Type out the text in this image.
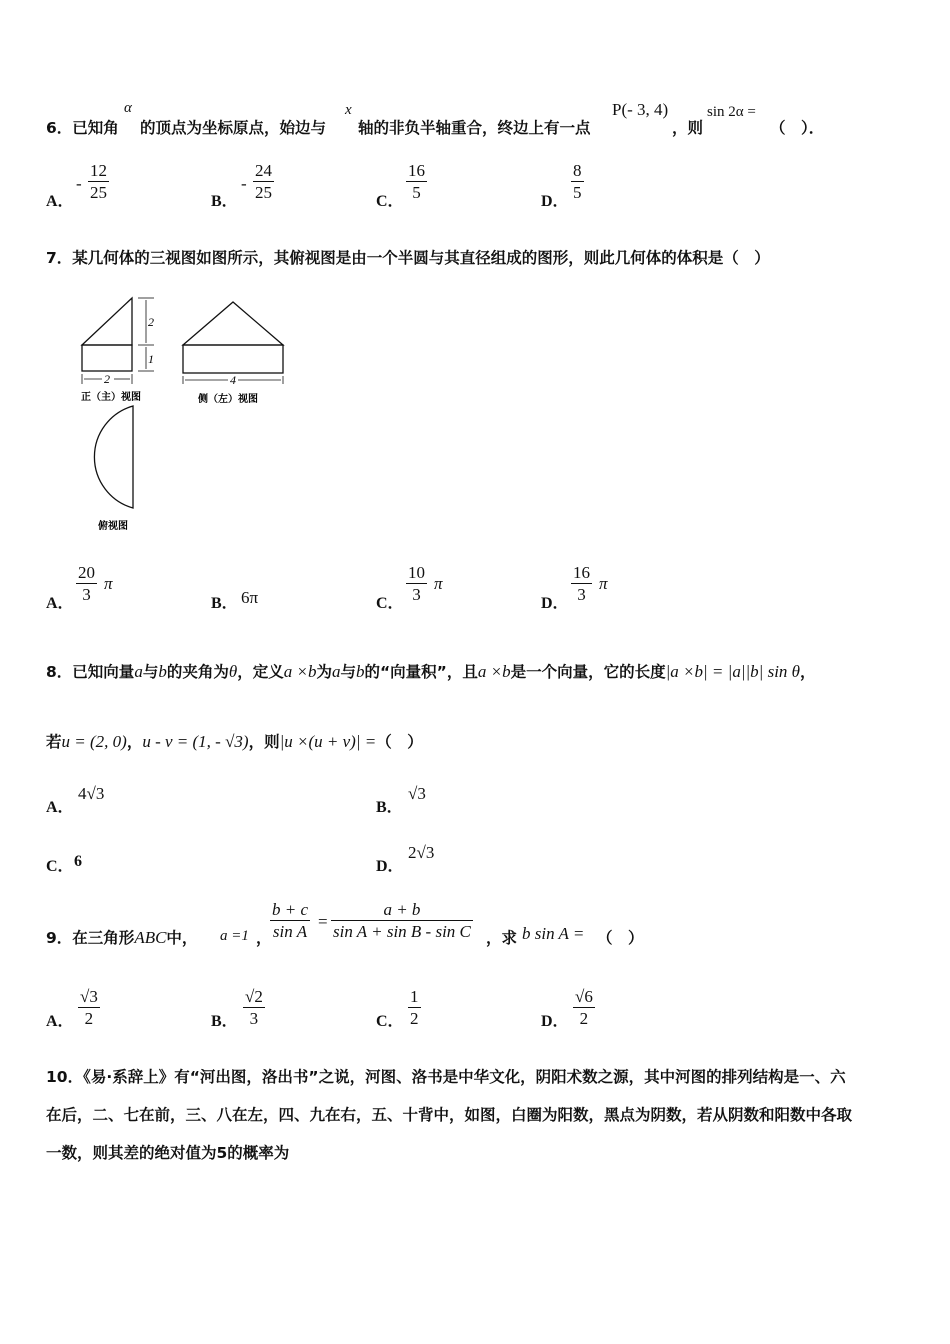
6．已知角
α
的顶点为坐标原点，始边与
x
轴的非负半轴重合，终边上有一点
P(- 3, 4)
，则
sin 2α =
（　）．
A．
- $\frac{12}{25}$	B．
- $\frac{24}{25}$	C． $\frac{16}{5}$	D． $\frac{8}{5}$
7．某几何体的三视图如图所示，其俯视图是由一个半圆与其直径组成的图形，则此几何体的体积是（　）
2
1
2
正（主）视图
4
侧（左）视图
俯视图
A． $\frac{20}{3}$ π
B． 6π	C． $\frac{10}{3}$ π
D． $\frac{16}{3}$ π
8．已知向量a与b的夹角为θ，定义a ×b为a与b的“向量积”，且a ×b是一个向量，它的长度|a ×b| = |a||b| sin θ，
若u = (2, 0)，u - v = (1, - √3)，则|u ×(u + v)| =（　）
A．
4√3
B．
√3
C． 6	D．
2√3
9．在三角形ABC中， a =1 ，
$\frac{b + c}{\text{sin A}} = \frac{a + b}{\text{sin A + sin B - sin C}}$ ，求 b sin A = （　）
A． $\frac{√3}{2}$	B． $\frac{√2}{3}$	C． $\frac{1}{2}$	D． $\frac{√6}{2}$
10．《易·系辞上》有“河出图，洛出书”之说，河图、洛书是中华文化，阴阳术数之源，其中河图的排列结构是一、六
在后，二、七在前，三、八在左，四、九在右，五、十背中，如图，白圈为阳数，黑点为阴数，若从阴数和阳数中各取
一数，则其差的绝对值为5的概率为
